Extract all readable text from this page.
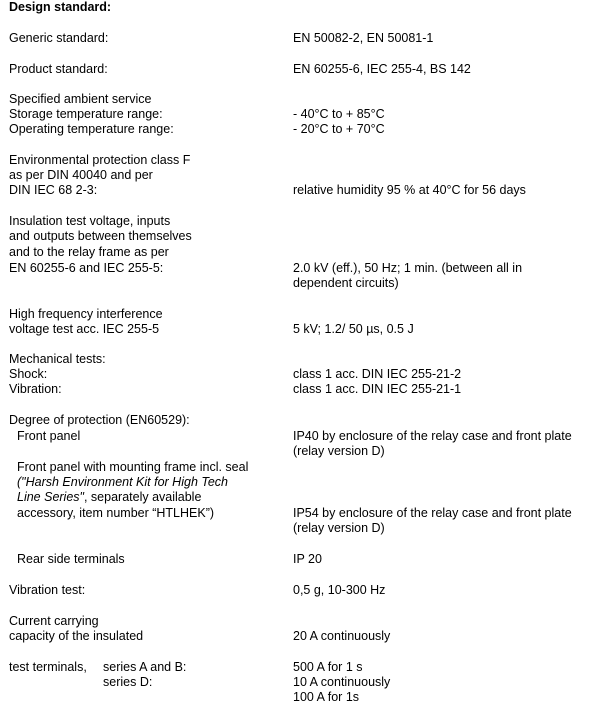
Design standard:
Generic standard:	EN 50082-2, EN 50081-1
Product standard:	EN 60255-6, IEC 255-4, BS 142
Specified ambient service
Storage temperature range:	- 40°C to + 85°C
Operating temperature range:	- 20°C to + 70°C
Environmental protection class F
as per DIN 40040 and per
DIN IEC 68 2-3:	relative humidity 95 % at 40°C for 56 days
Insulation test voltage, inputs
and outputs between themselves
and to the relay frame as per
EN 60255-6 and IEC 255-5:	2.0 kV (eff.), 50 Hz; 1 min. (between all in
dependent circuits)
High frequency interference
voltage test acc. IEC 255-5	5 kV; 1.2/ 50 µs, 0.5 J
Mechanical tests:
Shock:	class 1 acc. DIN IEC 255-21-2
Vibration:	class 1 acc. DIN IEC 255-21-1
Degree of protection (EN60529):
Front panel	IP40 by enclosure of the relay case and front plate
(relay version D)
Front panel with mounting frame incl. seal
("Harsh Environment Kit for High Tech
Line Series", separately available
accessory, item number “HTLHEK”)	IP54 by enclosure of the relay case and front plate
(relay version D)
Rear side terminals	IP 20
Vibration test:	0,5 g, 10-300 Hz
Current carrying
capacity of the insulated	20 A continuously
test terminals, series A and B:	500 A for 1 s
series D:	10 A continuously
100 A for 1s
